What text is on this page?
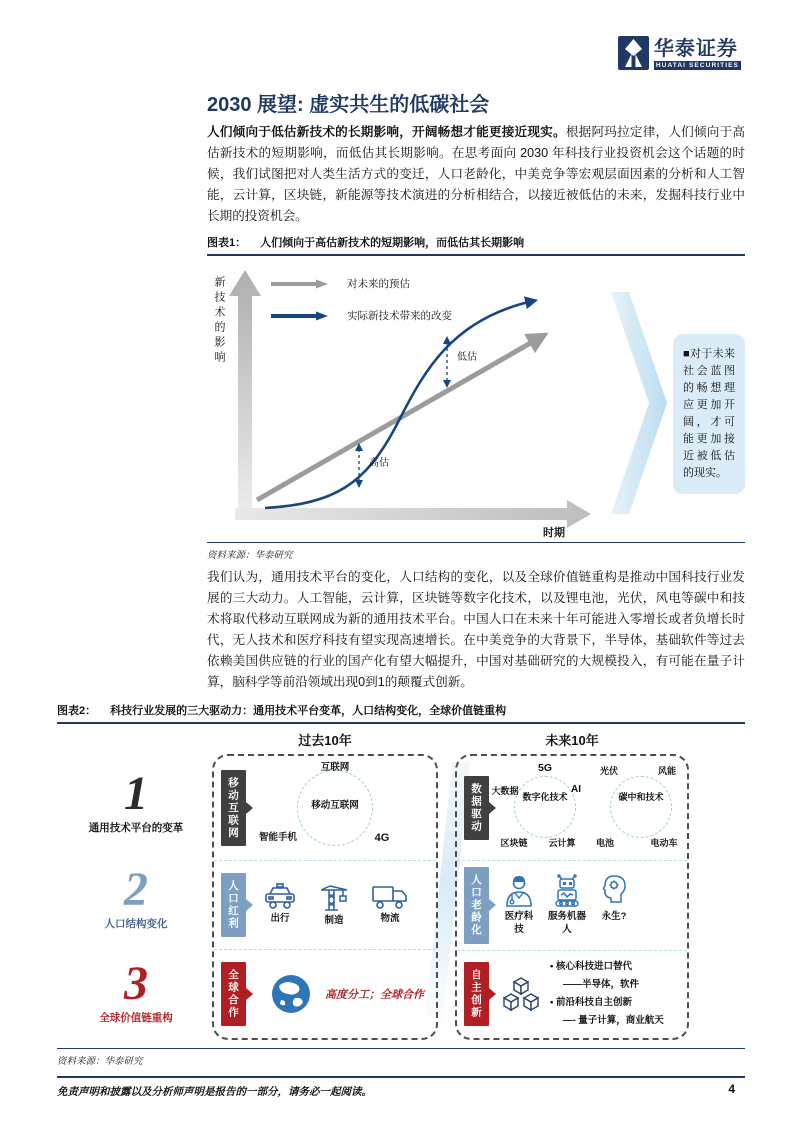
华泰证券
HUATAI SECURITIES
2030 展望: 虚实共生的低碳社会

人们倾向于低估新技术的长期影响，开阔畅想才能更接近现实。根据阿玛拉定律，人们倾向于高估新技术的短期影响，而低估其长期影响。在思考面向 2030 年科技行业投资机会这个话题的时候，我们试图把对人类生活方式的变迁，人口老龄化，中美竞争等宏观层面因素的分析和人工智能，云计算，区块链，新能源等技术演进的分析相结合，以接近被低估的未来，发掘科技行业中长期的投资机会。

图表1： 人们倾向于高估新技术的短期影响，而低估其长期影响
新技术的影响	对未来的预估
实际新技术带来的改变
低估
高估
时期
■对于未来社会蓝图的畅想理应更加开阔，才可能更加接近被低估的现实。
资料来源：华泰研究

我们认为，通用技术平台的变化，人口结构的变化，以及全球价值链重构是推动中国科技行业发展的三大动力。人工智能，云计算，区块链等数字化技术，以及锂电池，光伏，风电等碳中和技术将取代移动互联网成为新的通用技术平台。中国人口在未来十年可能进入零增长或者负增长时代，无人技术和医疗科技有望实现高速增长。在中美竞争的大背景下，半导体，基础软件等过去依赖美国供应链的行业的国产化有望大幅提升，中国对基础研究的大规模投入，有可能在量子计算，脑科学等前沿领域出现0到1的颠覆式创新。

图表2： 科技行业发展的三大驱动力：通用技术平台变革，人口结构变化，全球价值链重构
过去10年	未来10年
1
通用技术平台的变革
2
人口结构变化
3
全球价值链重构
移动互联网
互联网
移动互联网
智能手机	4G
人口红利	出行	制造	物流
全球合作	高度分工；全球合作
数据驱动
5G
数字化技术
大数据	AI
区块链	云计算
光伏	风能
碳中和技术
电池	电动车
人口老龄化	医疗科技
服务机器人
永生?
自主创新
• 核心科技进口替代
——半导体，软件
• 前沿科技自主创新
—- 量子计算，商业航天
资料来源：华泰研究
免责声明和披露以及分析师声明是报告的一部分，请务必一起阅读。	4
